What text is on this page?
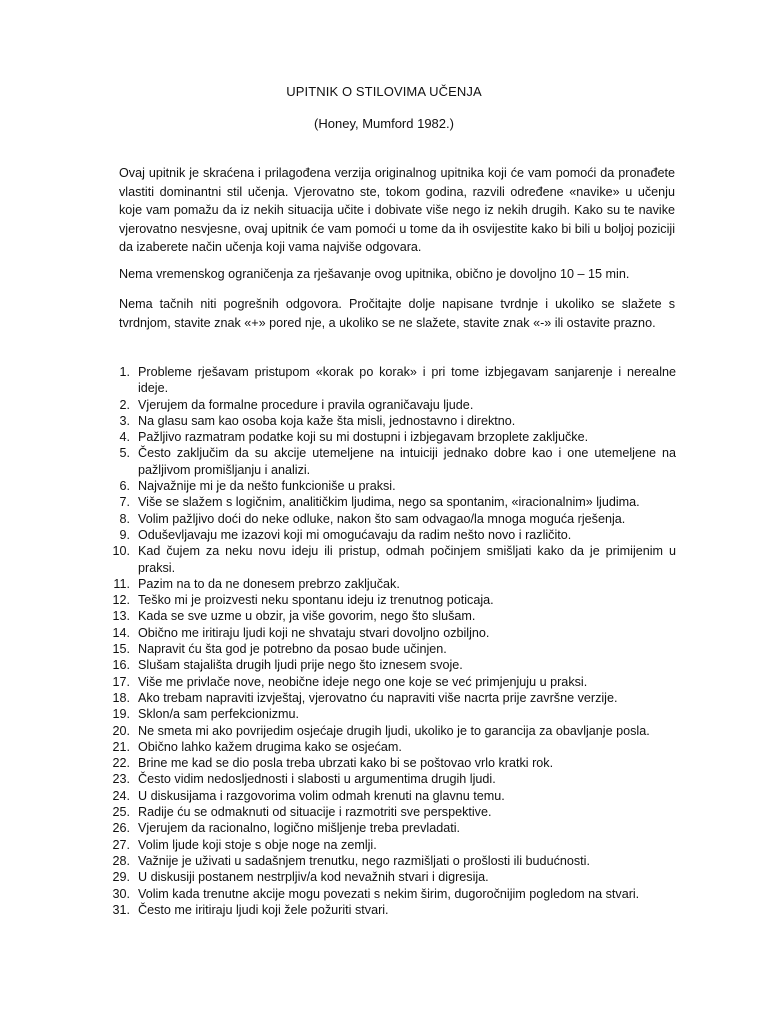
UPITNIK O STILOVIMA UČENJA
(Honey, Mumford 1982.)

Ovaj upitnik je skraćena i prilagođena verzija originalnog upitnika koji će vam pomoći da pronađete vlastiti dominantni stil učenja. Vjerovatno ste, tokom godina, razvili određene «navike» u učenju koje vam pomažu da iz nekih situacija učite i dobivate više nego iz nekih drugih. Kako su te navike vjerovatno nesvjesne, ovaj upitnik će vam pomoći u tome da ih osvijestite kako bi bili u boljoj poziciji da izaberete način učenja koji vama najviše odgovara.

Nema vremenskog ograničenja za rješavanje ovog upitnika, obično je dovoljno 10 – 15 min.

Nema tačnih niti pogrešnih odgovora. Pročitajte dolje napisane tvrdnje i ukoliko se slažete s tvrdnjom, stavite znak «+» pored nje, a ukoliko se ne slažete, stavite znak «-» ili ostavite prazno.

1. Probleme rješavam pristupom «korak po korak» i pri tome izbjegavam sanjarenje i nerealne ideje.
2. Vjerujem da formalne procedure i pravila ograničavaju ljude.
3. Na glasu sam kao osoba koja kaže šta misli, jednostavno i direktno.
4. Pažljivo razmatram podatke koji su mi dostupni i izbjegavam brzoplete zaključke.
5. Često zaključim da su akcije utemeljene na intuiciji jednako dobre kao i one utemeljene na pažljivom promišljanju i analizi.
6. Najvažnije mi je da nešto funkcioniše u praksi.
7. Više se slažem s logičnim, analitičkim ljudima, nego sa spontanim, «iracionalnim» ljudima.
8. Volim pažljivo doći do neke odluke, nakon što sam odvagao/la mnoga moguća rješenja.
9. Oduševljavaju me izazovi koji mi omogućavaju da radim nešto novo i različito.
10. Kad čujem za neku novu ideju ili pristup, odmah počinjem smišljati kako da je primijenim u praksi.
11. Pazim na to da ne donesem prebrzo zaključak.
12. Teško mi je proizvesti neku spontanu ideju iz trenutnog poticaja.
13. Kada se sve uzme u obzir, ja više govorim, nego što slušam.
14. Obično me iritiraju ljudi koji ne shvataju stvari dovoljno ozbiljno.
15. Napravit ću šta god je potrebno da posao bude učinjen.
16. Slušam stajališta drugih ljudi prije nego što iznesem svoje.
17. Više me privlače nove, neobične ideje nego one koje se već primjenjuju u praksi.
18. Ako trebam napraviti izvještaj, vjerovatno ću napraviti više nacrta prije završne verzije.
19. Sklon/a sam perfekcionizmu.
20. Ne smeta mi ako povrijedim osjećaje drugih ljudi, ukoliko je to garancija za obavljanje posla.
21. Obično lahko kažem drugima kako se osjećam.
22. Brine me kad se dio posla treba ubrzati kako bi se poštovao vrlo kratki rok.
23. Često vidim nedosljednosti i slabosti u argumentima drugih ljudi.
24. U diskusijama i razgovorima volim odmah krenuti na glavnu temu.
25. Radije ću se odmaknuti od situacije i razmotriti sve perspektive.
26. Vjerujem da racionalno, logično mišljenje treba prevladati.
27. Volim ljude koji stoje s obje noge na zemlji.
28. Važnije je uživati u sadašnjem trenutku, nego razmišljati o prošlosti ili budućnosti.
29. U diskusiji postanem nestrpljiv/a kod nevažnih stvari i digresija.
30. Volim kada trenutne akcije mogu povezati s nekim širim, dugoročnijim pogledom na stvari.
31. Često me iritiraju ljudi koji žele požuriti stvari.
